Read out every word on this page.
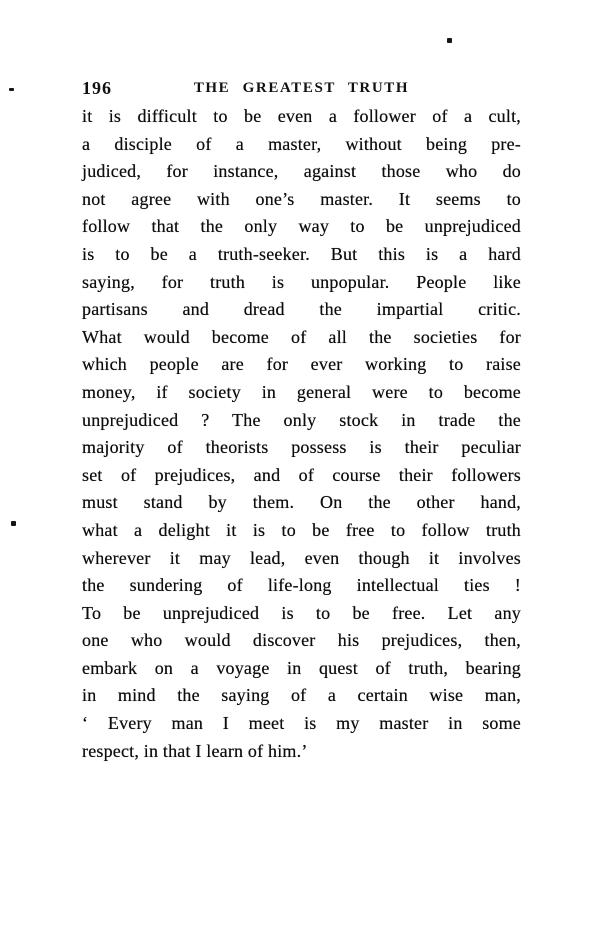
196	THE GREATEST TRUTH
it is difficult to be even a follower of a cult,
a disciple of a master, without being pre-
judiced, for instance, against those who do
not agree with one’s master. It seems to
follow that the only way to be unprejudiced
is to be a truth-seeker. But this is a hard
saying, for truth is unpopular. People like
partisans and dread the impartial critic.
What would become of all the societies for
which people are for ever working to raise
money, if society in general were to become
unprejudiced ? The only stock in trade the
majority of theorists possess is their peculiar
set of prejudices, and of course their followers
must stand by them. On the other hand,
what a delight it is to be free to follow truth
wherever it may lead, even though it involves
the sundering of life-long intellectual ties !
To be unprejudiced is to be free. Let any
one who would discover his prejudices, then,
embark on a voyage in quest of truth, bearing
in mind the saying of a certain wise man,
‘ Every man I meet is my master in some
respect, in that I learn of him.’
